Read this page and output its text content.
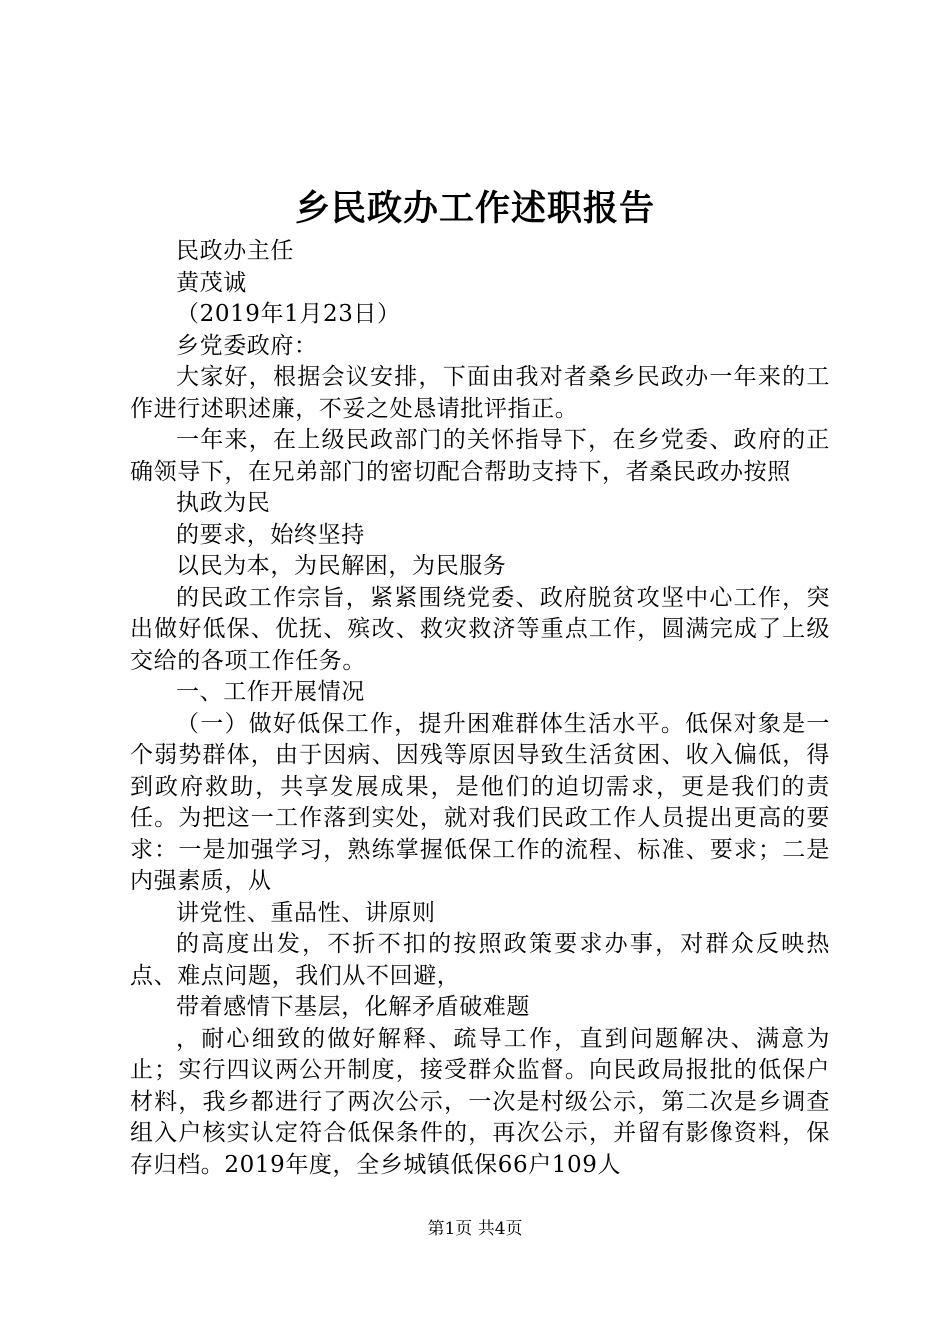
乡民政办工作述职报告

民政办主任

黄茂诚

（2019年1月23日）

乡党委政府：

大家好，根据会议安排，下面由我对者桑乡民政办一年来的工作进行述职述廉，不妥之处恳请批评指正。

一年来，在上级民政部门的关怀指导下，在乡党委、政府的正确领导下，在兄弟部门的密切配合帮助支持下，者桑民政办按照

执政为民

的要求，始终坚持

以民为本，为民解困，为民服务

的民政工作宗旨，紧紧围绕党委、政府脱贫攻坚中心工作，突出做好低保、优抚、殡改、救灾救济等重点工作，圆满完成了上级交给的各项工作任务。

一、工作开展情况

（一）做好低保工作，提升困难群体生活水平。低保对象是一个弱势群体，由于因病、因残等原因导致生活贫困、收入偏低，得到政府救助，共享发展成果，是他们的迫切需求，更是我们的责任。为把这一工作落到实处，就对我们民政工作人员提出更高的要求：一是加强学习，熟练掌握低保工作的流程、标准、要求；二是内强素质，从

讲党性、重品性、讲原则

的高度出发，不折不扣的按照政策要求办事，对群众反映热点、难点问题，我们从不回避，

带着感情下基层，化解矛盾破难题

，耐心细致的做好解释、疏导工作，直到问题解决、满意为止；实行四议两公开制度，接受群众监督。向民政局报批的低保户材料，我乡都进行了两次公示，一次是村级公示，第二次是乡调查组入户核实认定符合低保条件的，再次公示，并留有影像资料，保存归档。2019年度，全乡城镇低保66户109人

第1页 共4页
